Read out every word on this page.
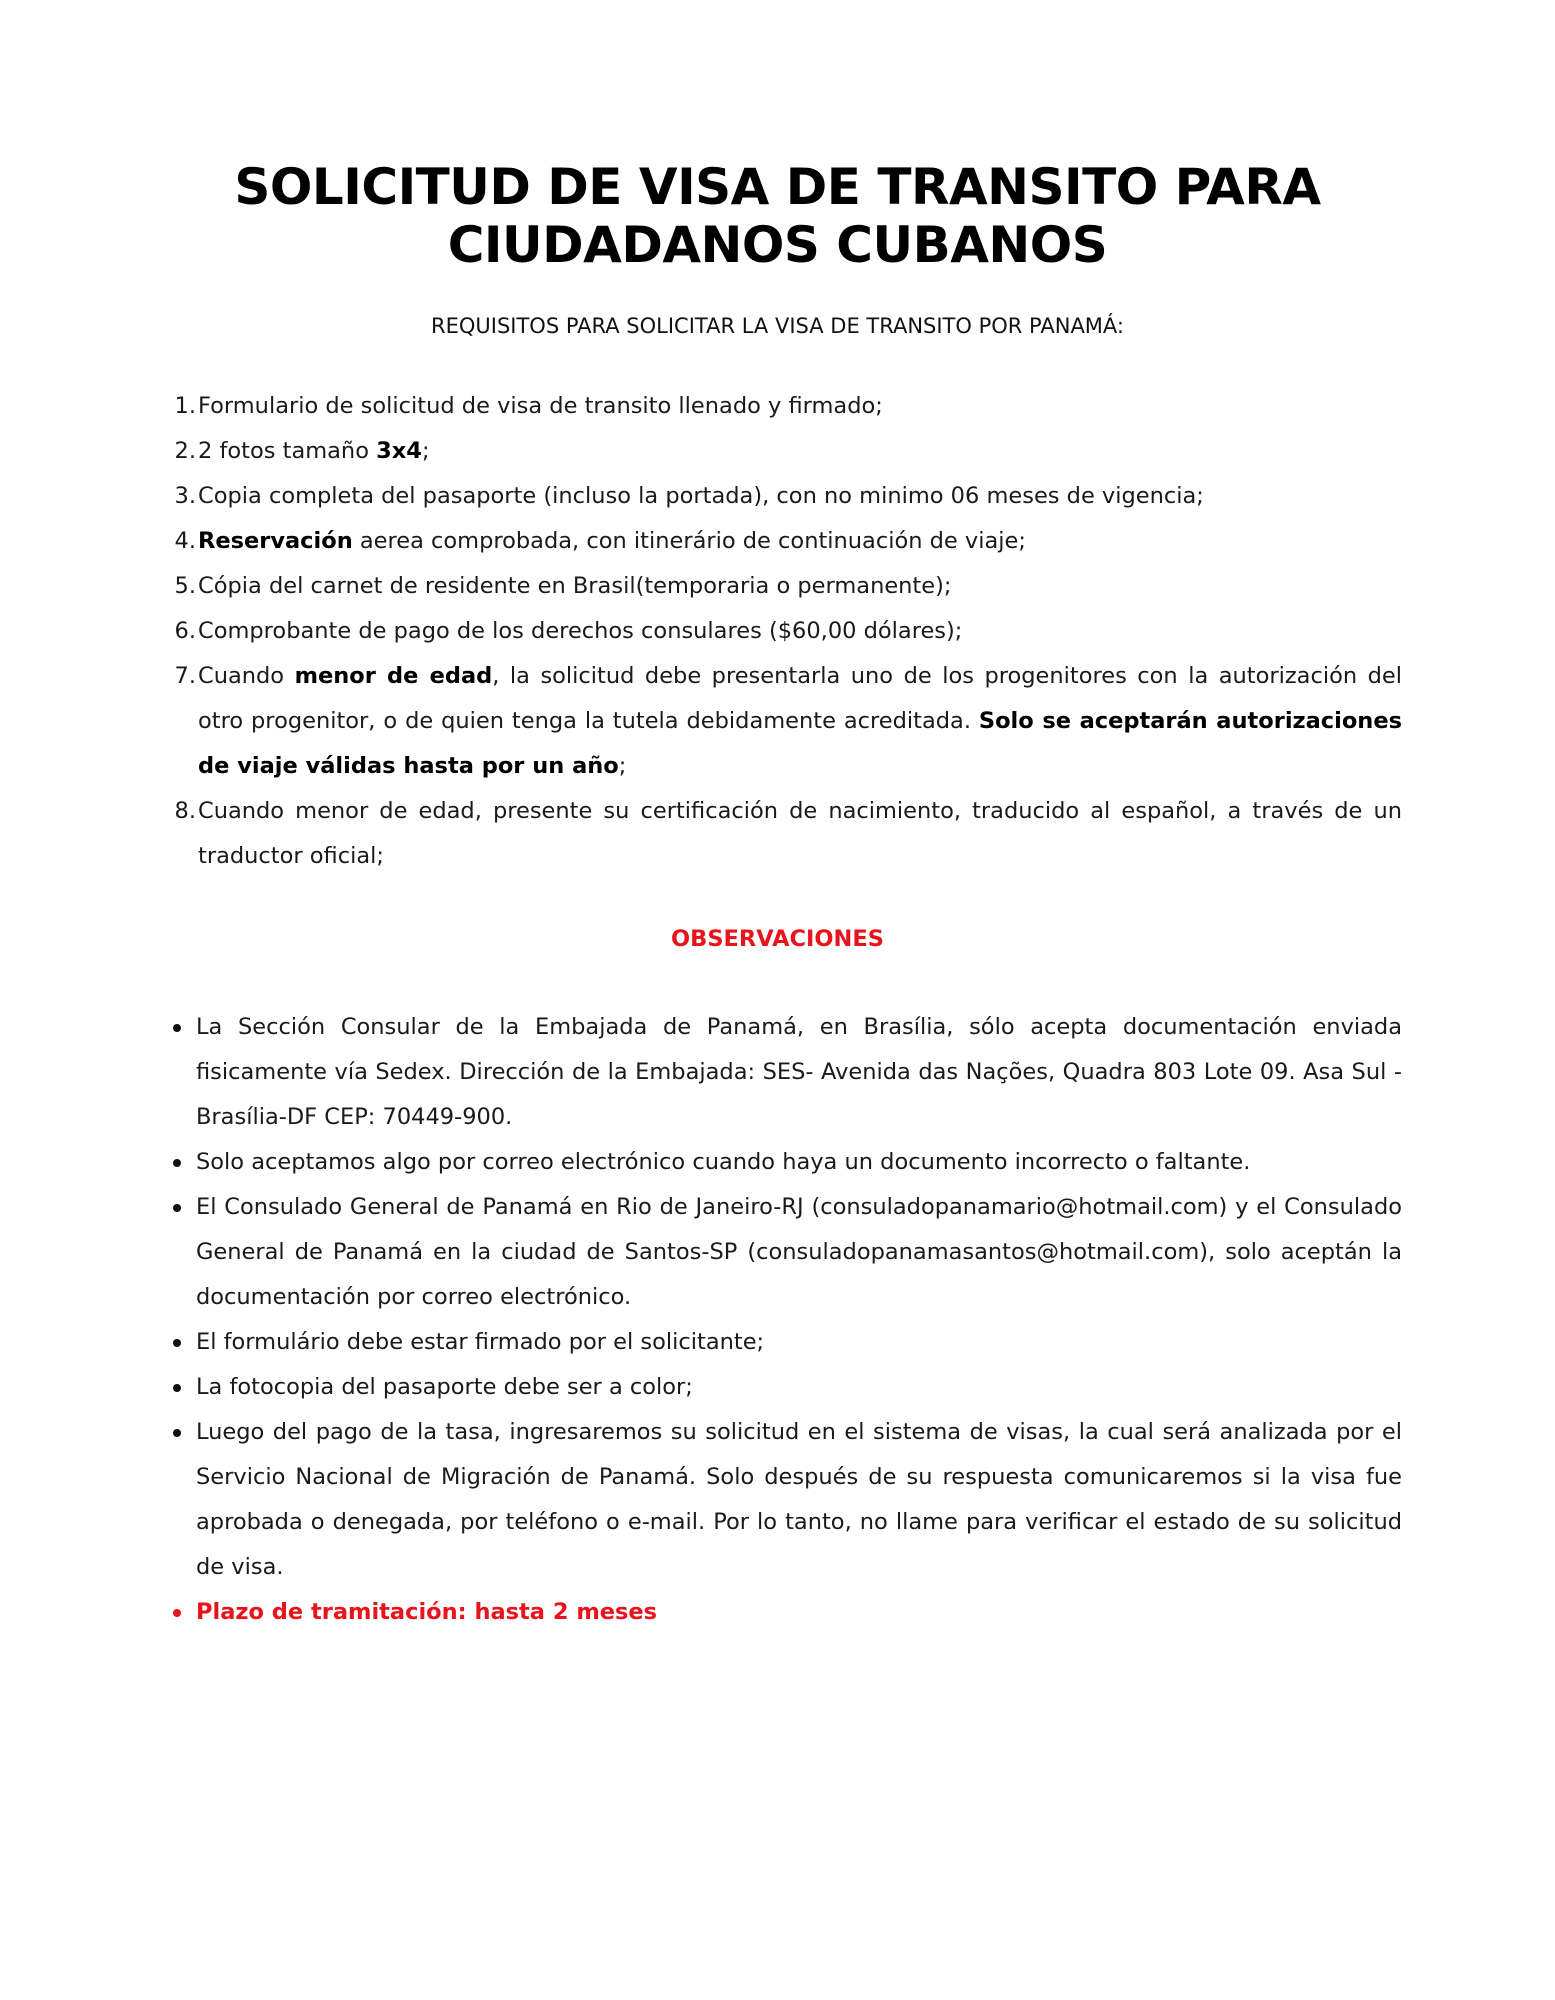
SOLICITUD DE VISA DE TRANSITO PARA
CIUDADANOS CUBANOS

REQUISITOS PARA SOLICITAR LA VISA DE TRANSITO POR PANAMÁ:

1. Formulario de solicitud de visa de transito llenado y firmado;
2. 2 fotos tamaño 3x4;
3. Copia completa del pasaporte (incluso la portada), con no minimo 06 meses de vigencia;
4. Reservación aerea comprobada, con itinerário de continuación de viaje;
5. Cópia del carnet de residente en Brasil(temporaria o permanente);
6. Comprobante de pago de los derechos consulares ($60,00 dólares);
7. Cuando menor de edad, la solicitud debe presentarla uno de los progenitores con la autorización del otro progenitor, o de quien tenga la tutela debidamente acreditada. Solo se aceptarán autorizaciones de viaje válidas hasta por un año;
8. Cuando menor de edad, presente su certificación de nacimiento, traducido al español, a través de un traductor oficial;

OBSERVACIONES

La Sección Consular de la Embajada de Panamá, en Brasília, sólo acepta documentación enviada fisicamente vía Sedex. Dirección de la Embajada: SES- Avenida das Nações, Quadra 803 Lote 09. Asa Sul - Brasília-DF CEP: 70449-900.
Solo aceptamos algo por correo electrónico cuando haya un documento incorrecto o faltante.
El Consulado General de Panamá en Rio de Janeiro-RJ (consuladopanamario@hotmail.com) y el Consulado General de Panamá en la ciudad de Santos-SP (consuladopanamasantos@hotmail.com), solo aceptán la documentación por correo electrónico.
El formulário debe estar firmado por el solicitante;
La fotocopia del pasaporte debe ser a color;
Luego del pago de la tasa, ingresaremos su solicitud en el sistema de visas, la cual será analizada por el Servicio Nacional de Migración de Panamá. Solo después de su respuesta comunicaremos si la visa fue aprobada o denegada, por teléfono o e-mail. Por lo tanto, no llame para verificar el estado de su solicitud de visa.
Plazo de tramitación: hasta 2 meses
